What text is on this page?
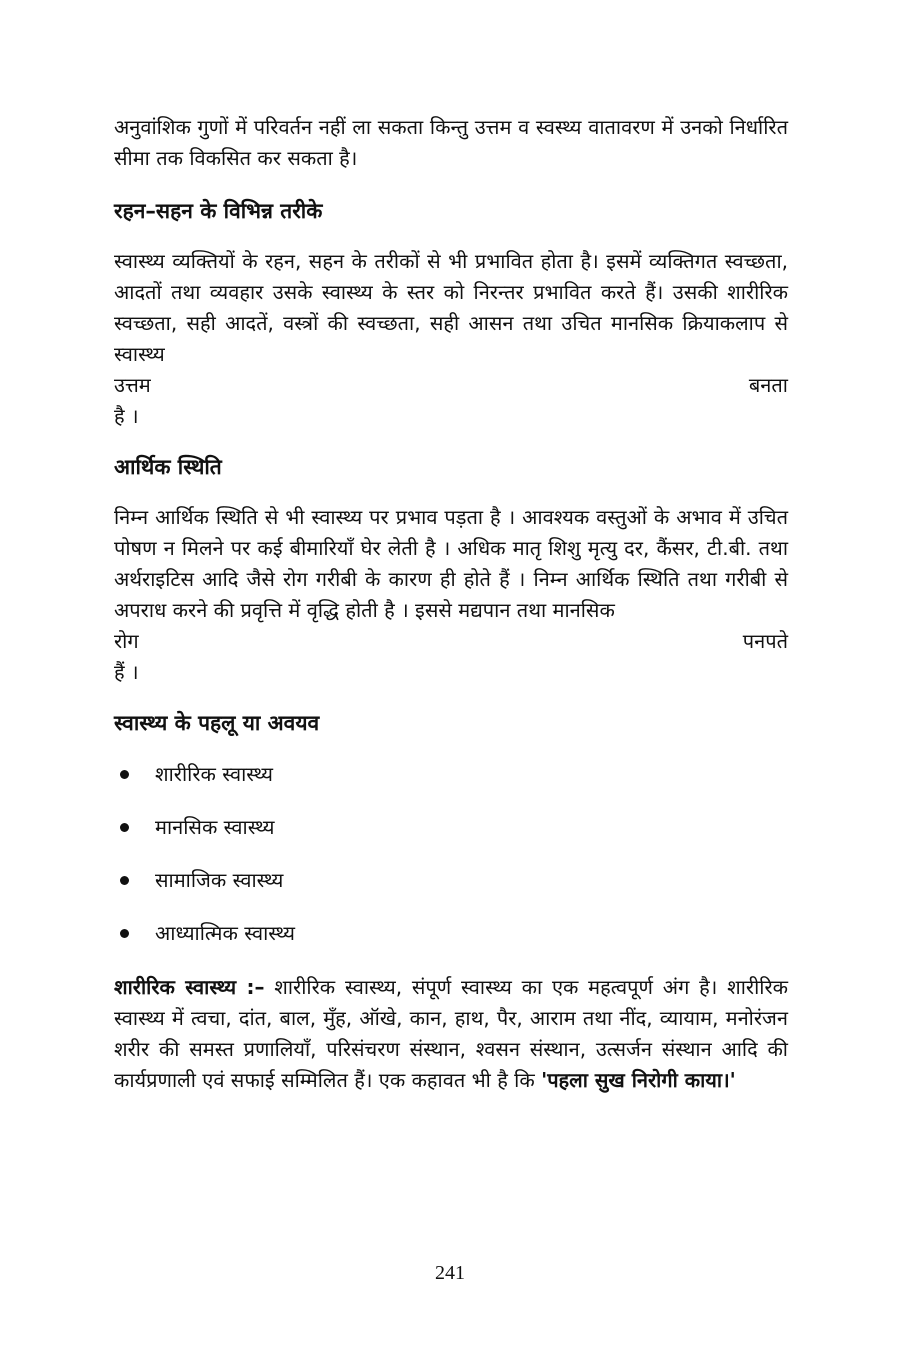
अनुवांशिक गुणों में परिवर्तन नहीं ला सकता किन्तु उत्तम व स्वस्थ्य वातावरण में उनको निर्धारित सीमा तक विकसित कर सकता है।

रहन–सहन के विभिन्न तरीके

स्वास्थ्य व्यक्तियों के रहन, सहन के तरीकों से भी प्रभावित होता है। इसमें व्यक्तिगत स्वच्छता, आदतों तथा व्यवहार उसके स्वास्थ्य के स्तर को निरन्तर प्रभावित करते हैं। उसकी शारीरिक स्वच्छता, सही आदतें, वस्त्रों की स्वच्छता, सही आसन तथा उचित मानसिक क्रियाकलाप से स्वास्थ्य

उत्तम	बनता
है ।
आर्थिक स्थिति

निम्न आर्थिक स्थिति से भी स्वास्थ्य पर प्रभाव पड़ता है । आवश्यक वस्तुओं के अभाव में उचित पोषण न मिलने पर कई बीमारियाँ घेर लेती है । अधिक मातृ शिशु मृत्यु दर, कैंसर, टी.बी. तथा अर्थराइटिस आदि जैसे रोग गरीबी के कारण ही होते हैं । निम्न आर्थिक स्थिति तथा गरीबी से अपराध करने की प्रवृत्ति में वृद्धि होती है । इससे मद्यपान तथा मानसिक

रोग	पनपते
हैं ।
स्वास्थ्य के पहलू या अवयव
शारीरिक स्वास्थ्य
मानसिक स्वास्थ्य
सामाजिक स्वास्थ्य
आध्यात्मिक स्वास्थ्य

शारीरिक स्वास्थ्य :– शारीरिक स्वास्थ्य, संपूर्ण स्वास्थ्य का एक महत्वपूर्ण अंग है। शारीरिक स्वास्थ्य में त्वचा, दांत, बाल, मुँह, ऑखे, कान, हाथ, पैर, आराम तथा नींद, व्यायाम, मनोरंजन शरीर की समस्त प्रणालियॉं, परिसंचरण संस्थान, श्वसन संस्थान, उत्सर्जन संस्थान आदि की कार्यप्रणाली एवं सफाई सम्मिलित हैं। एक कहावत भी है कि 'पहला सुख निरोगी काया।'

241
